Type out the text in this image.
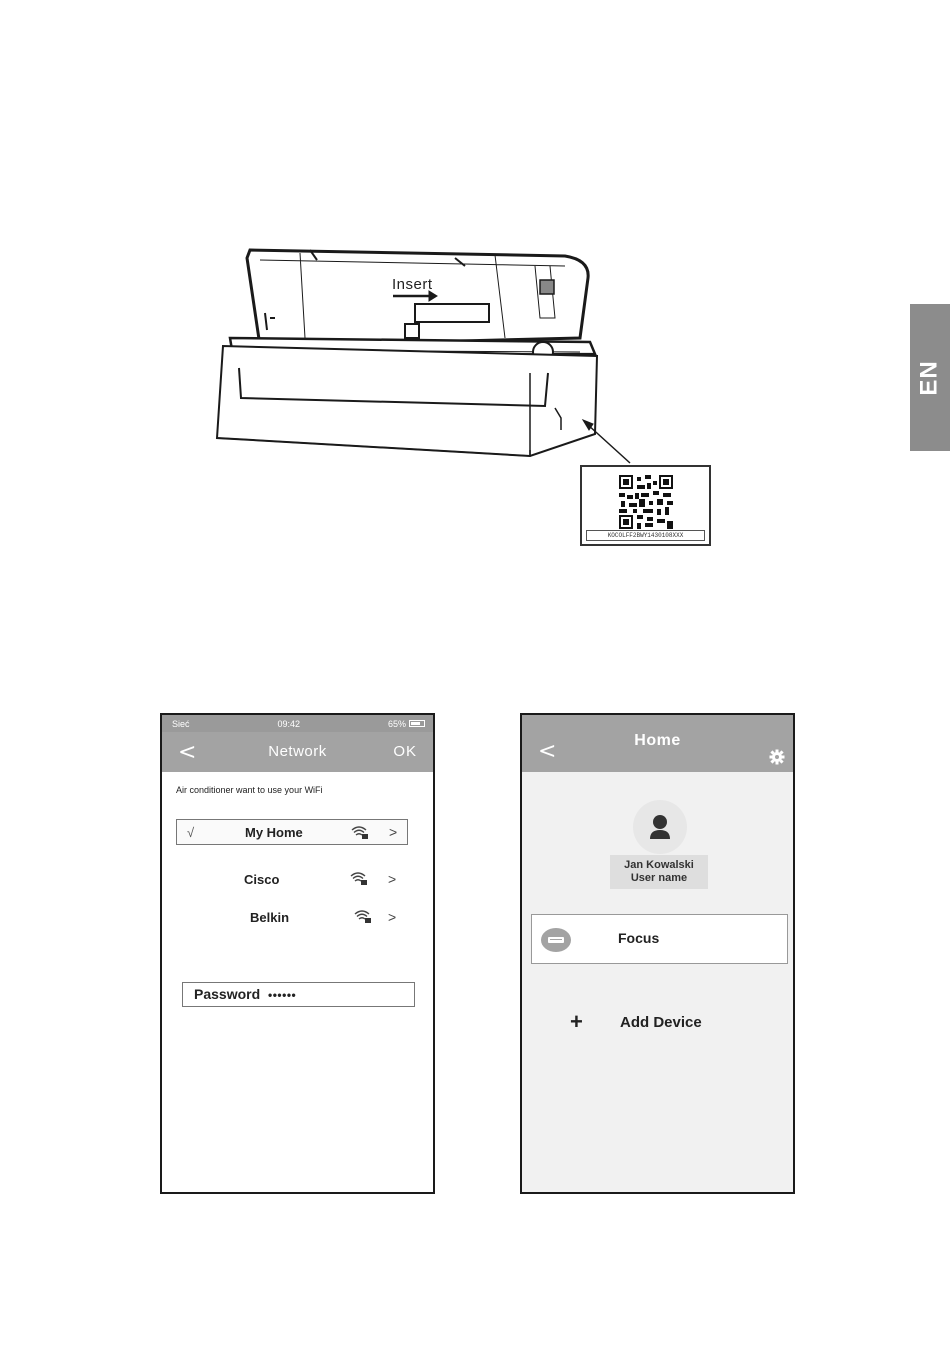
EN
Insert
KOCOLFF2BWY1430108XXX
Sieć	09:42	65%
<	Network	OK
Air conditioner want to use your WiFi
√	My Home	>
Cisco	>
Belkin	>
Password ••••••
<	Home
Jan Kowalski
User name
Focus
+ Add Device
